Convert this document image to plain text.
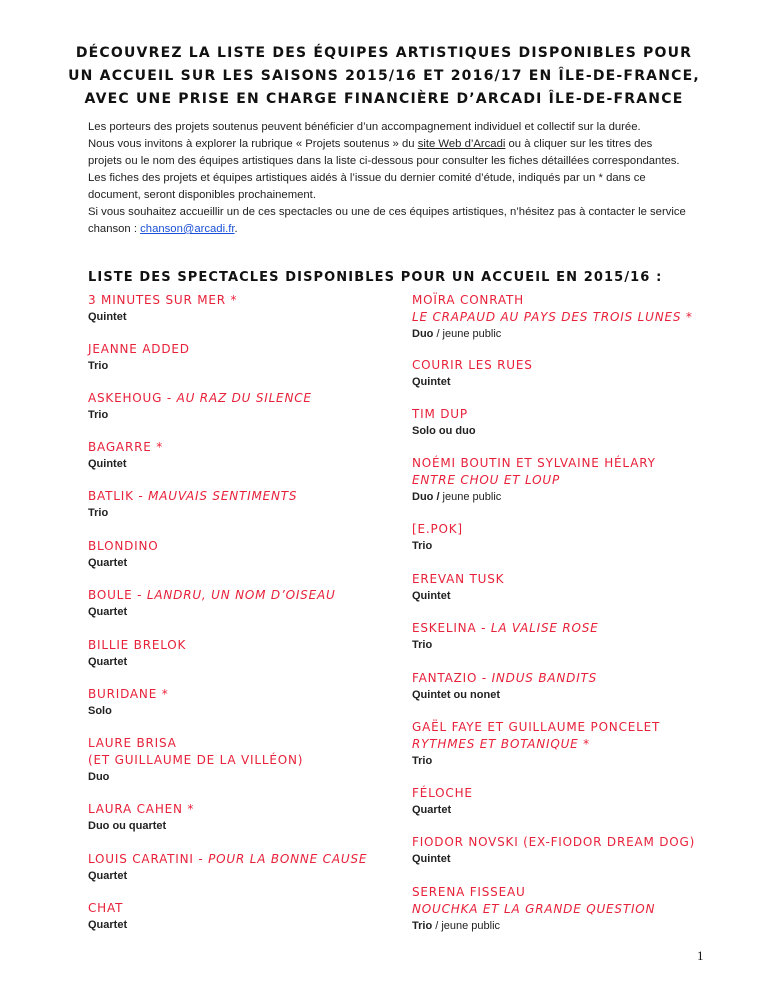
DÉCOUVREZ LA LISTE DES ÉQUIPES ARTISTIQUES DISPONIBLES POUR
UN ACCUEIL SUR LES SAISONS 2015/16 ET 2016/17 EN ÎLE-DE-FRANCE,
AVEC UNE PRISE EN CHARGE FINANCIÈRE D’ARCADI ÎLE-DE-FRANCE

Les porteurs des projets soutenus peuvent bénéficier d’un accompagnement individuel et collectif sur la durée.

Nous vous invitons à explorer la rubrique « Projets soutenus » du site Web d’Arcadi ou à cliquer sur les titres des projets ou le nom des équipes artistiques dans la liste ci-dessous pour consulter les fiches détaillées correspondantes.

Les fiches des projets et équipes artistiques aidés à l’issue du dernier comité d’étude, indiqués par un * dans ce document, seront disponibles prochainement.

Si vous souhaitez accueillir un de ces spectacles ou une de ces équipes artistiques, n’hésitez pas à contacter le service chanson : chanson@arcadi.fr.

LISTE DES SPECTACLES DISPONIBLES POUR UN ACCUEIL EN 2015/16 :
3 MINUTES SUR MER *
Quintet
JEANNE ADDED
Trio
ASKEHOUG - AU RAZ DU SILENCE
Trio
BAGARRE *
Quintet
BATLIK - MAUVAIS SENTIMENTS
Trio
BLONDINO
Quartet
BOULE - LANDRU, UN NOM D’OISEAU
Quartet
BILLIE BRELOK
Quartet
BURIDANE *
Solo
LAURE BRISA
(ET GUILLAUME DE LA VILLÉON)
Duo
LAURA CAHEN *
Duo ou quartet
LOUIS CARATINI - POUR LA BONNE CAUSE
Quartet
CHAT
Quartet
MOÏRA CONRATH
LE CRAPAUD AU PAYS DES TROIS LUNES *
Duo / jeune public
COURIR LES RUES
Quintet
TIM DUP
Solo ou duo
NOÉMI BOUTIN ET SYLVAINE HÉLARY
ENTRE CHOU ET LOUP
Duo / jeune public
[E.POK]
Trio
EREVAN TUSK
Quintet
ESKELINA - LA VALISE ROSE
Trio
FANTAZIO - INDUS BANDITS
Quintet ou nonet
GAËL FAYE ET GUILLAUME PONCELET
RYTHMES ET BOTANIQUE *
Trio
FÉLOCHE
Quartet
FIODOR NOVSKI (EX-FIODOR DREAM DOG)
Quintet
SERENA FISSEAU
NOUCHKA ET LA GRANDE QUESTION
Trio / jeune public
1
